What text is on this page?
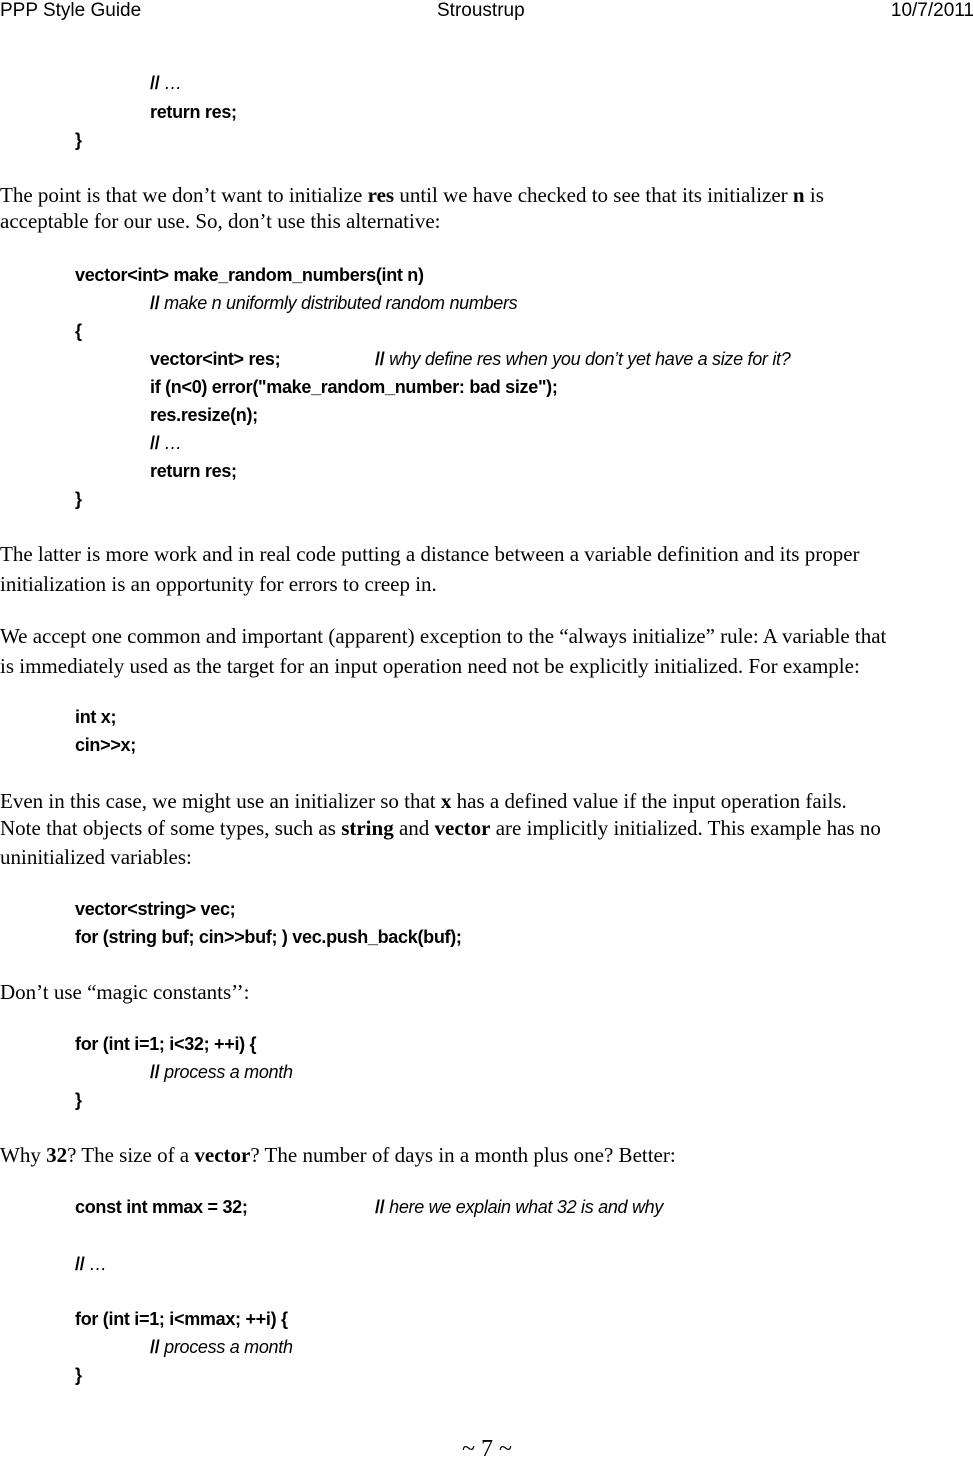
PPP Style Guide	Stroustrup	10/7/2011
// …
return res;
}
The point is that we don’t want to initialize res until we have checked to see that its initializer n is
acceptable for our use. So, don’t use this alternative:
vector<int> make_random_numbers(int n)
// make n uniformly distributed random numbers
{
vector<int> res;	// why define res when you don’t yet have a size for it?
if (n<0) error("make_random_number: bad size");
res.resize(n);
// …
return res;
}
The latter is more work and in real code putting a distance between a variable definition and its proper
initialization is an opportunity for errors to creep in.
We accept one common and important (apparent) exception to the “always initialize” rule: A variable that
is immediately used as the target for an input operation need not be explicitly initialized. For example:
int x;
cin>>x;
Even in this case, we might use an initializer so that x has a defined value if the input operation fails.
Note that objects of some types, such as string and vector are implicitly initialized. This example has no
uninitialized variables:
vector<string> vec;
for (string buf; cin>>buf; ) vec.push_back(buf);
Don’t use “magic constants’’:
for (int i=1; i<32; ++i) {
// process a month
}
Why 32? The size of a vector? The number of days in a month plus one? Better:
const int mmax = 32;	// here we explain what 32 is and why
// …
for (int i=1; i<mmax; ++i) {
// process a month
}
~ 7 ~
